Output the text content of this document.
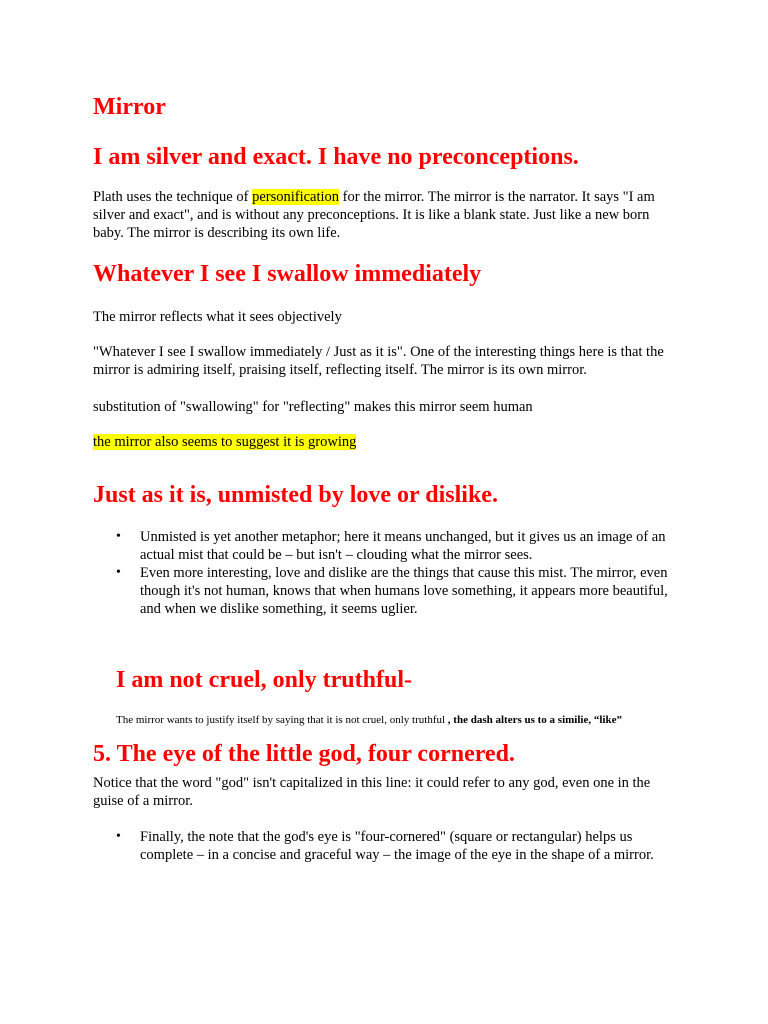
Mirror
I am silver and exact. I have no preconceptions.

Plath uses the technique of personification for the mirror. The mirror is the narrator. It says "I am silver and exact", and is without any preconceptions. It is like a blank state. Just like a new born baby. The mirror is describing its own life.

Whatever I see I swallow immediately

The mirror reflects what it sees objectively

"Whatever I see I swallow immediately / Just as it is". One of the interesting things here is that the mirror is admiring itself, praising itself, reflecting itself. The mirror is its own mirror.

substitution of "swallowing" for "reflecting" makes this mirror seem human

the mirror also seems to suggest it is growing

Just as it is, unmisted by love or dislike.
• Unmisted is yet another metaphor; here it means unchanged, but it gives us an image of an actual mist that could be – but isn't – clouding what the mirror sees.
• Even more interesting, love and dislike are the things that cause this mist. The mirror, even though it's not human, knows that when humans love something, it appears more beautiful, and when we dislike something, it seems uglier.
I am not cruel, only truthful-

The mirror wants to justify itself by saying that it is not cruel, only truthful , the dash alters us to a similie, “like”

5. The eye of the little god, four cornered.

Notice that the word "god" isn't capitalized in this line: it could refer to any god, even one in the guise of a mirror.

• Finally, the note that the god's eye is "four-cornered" (square or rectangular) helps us complete – in a concise and graceful way – the image of the eye in the shape of a mirror.
